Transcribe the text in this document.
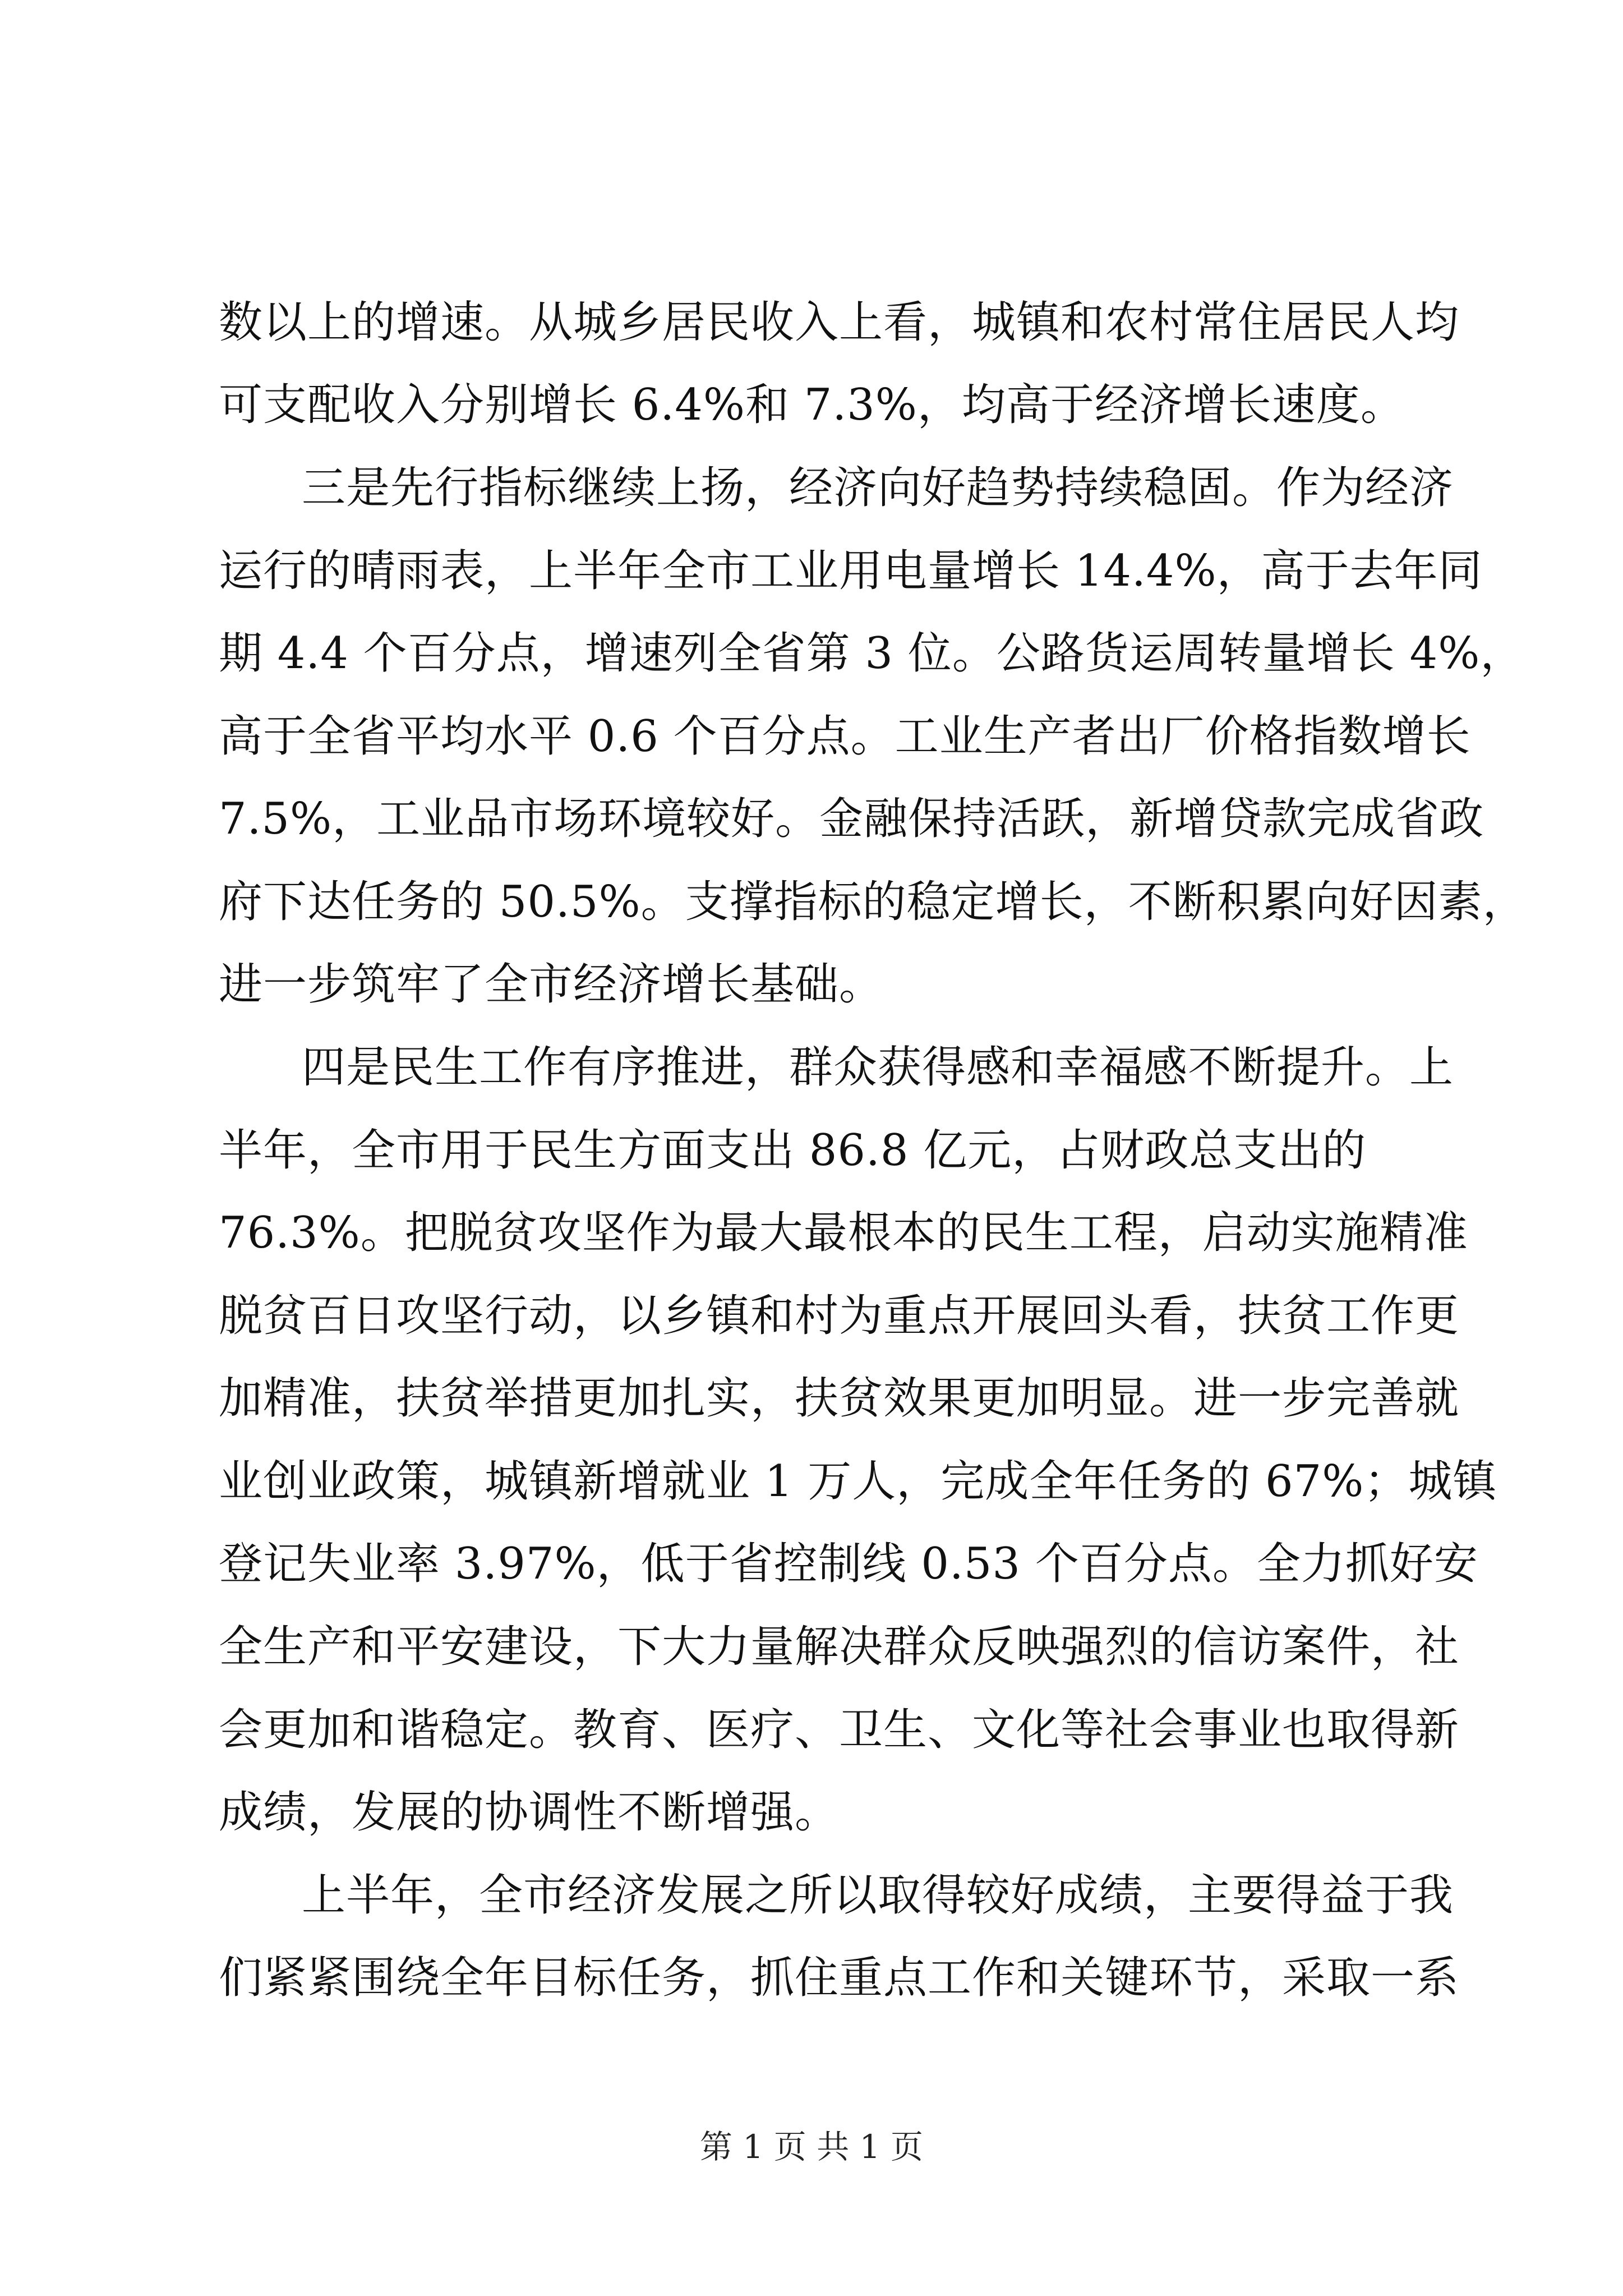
数以上的增速。从城乡居民收入上看，城镇和农村常住居民人均
可支配收入分别增长 6.4%和 7.3%，均高于经济增长速度。
三是先行指标继续上扬，经济向好趋势持续稳固。作为经济
运行的晴雨表，上半年全市工业用电量增长 14.4%，高于去年同
期 4.4 个百分点，增速列全省第 3 位。公路货运周转量增长 4%，
高于全省平均水平 0.6 个百分点。工业生产者出厂价格指数增长
7.5%，工业品市场环境较好。金融保持活跃，新增贷款完成省政
府下达任务的 50.5%。支撑指标的稳定增长，不断积累向好因素，
进一步筑牢了全市经济增长基础。
四是民生工作有序推进，群众获得感和幸福感不断提升。上
半年，全市用于民生方面支出 86.8 亿元，占财政总支出的
76.3%。把脱贫攻坚作为最大最根本的民生工程，启动实施精准
脱贫百日攻坚行动，以乡镇和村为重点开展回头看，扶贫工作更
加精准，扶贫举措更加扎实，扶贫效果更加明显。进一步完善就
业创业政策，城镇新增就业 1 万人，完成全年任务的 67%；城镇
登记失业率 3.97%，低于省控制线 0.53 个百分点。全力抓好安
全生产和平安建设，下大力量解决群众反映强烈的信访案件，社
会更加和谐稳定。教育、医疗、卫生、文化等社会事业也取得新
成绩，发展的协调性不断增强。
上半年，全市经济发展之所以取得较好成绩，主要得益于我
们紧紧围绕全年目标任务，抓住重点工作和关键环节，采取一系
第 1 页 共 1 页
